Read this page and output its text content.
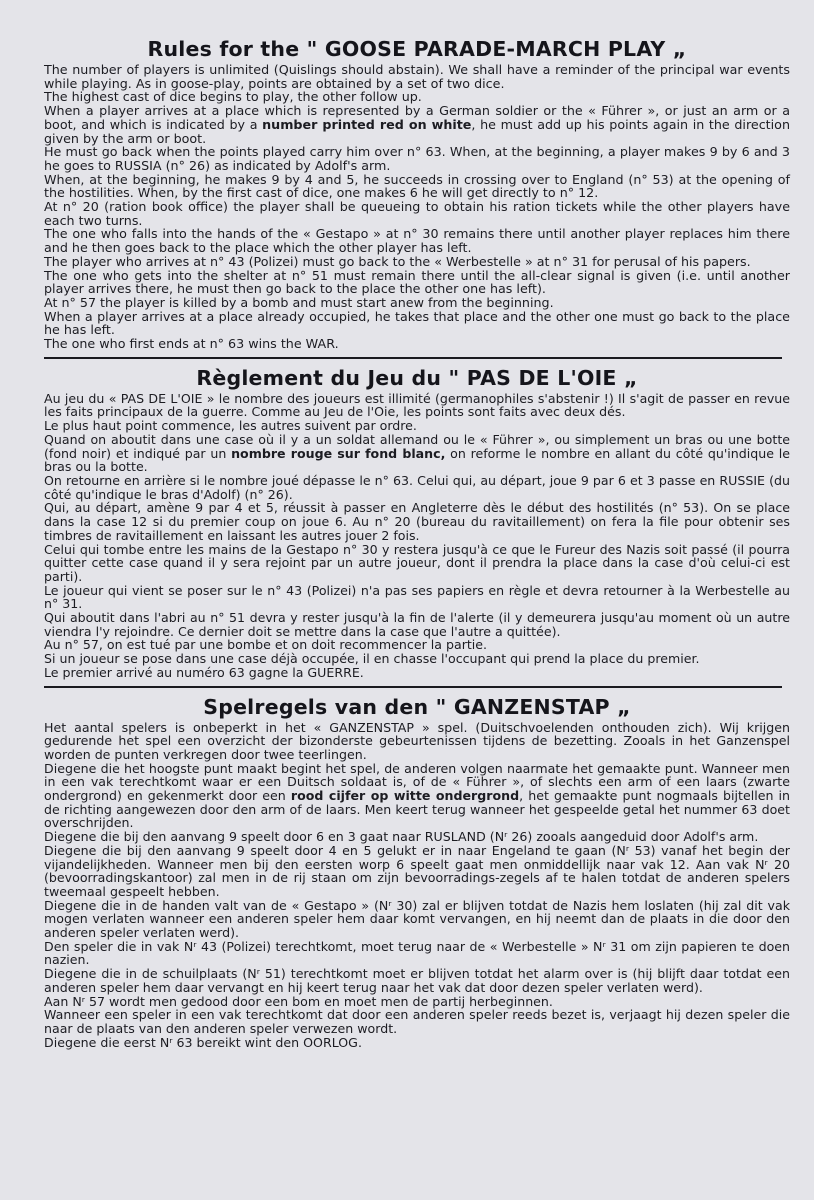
Rules for the " GOOSE PARADE-MARCH PLAY „

The number of players is unlimited (Quislings should abstain). We shall have a reminder of the principal war events while playing. As in goose-play, points are obtained by a set of two dice.

The highest cast of dice begins to play, the other follow up.

When a player arrives at a place which is represented by a German soldier or the « Führer », or just an arm or a boot, and which is indicated by a number printed red on white, he must add up his points again in the direction given by the arm or boot.

He must go back when the points played carry him over n° 63. When, at the beginning, a player makes 9 by 6 and 3 he goes to RUSSIA (n° 26) as indicated by Adolf's arm.

When, at the beginning, he makes 9 by 4 and 5, he succeeds in crossing over to England (n° 53) at the opening of the hostilities. When, by the first cast of dice, one makes 6 he will get directly to n° 12.

At n° 20 (ration book office) the player shall be queueing to obtain his ration tickets while the other players have each two turns.

The one who falls into the hands of the « Gestapo » at n° 30 remains there until another player replaces him there and he then goes back to the place which the other player has left.

The player who arrives at n° 43 (Polizei) must go back to the « Werbestelle » at n° 31 for perusal of his papers.

The one who gets into the shelter at n° 51 must remain there until the all-clear signal is given (i.e. until another player arrives there, he must then go back to the place the other one has left).

At n° 57 the player is killed by a bomb and must start anew from the beginning.

When a player arrives at a place already occupied, he takes that place and the other one must go back to the place he has left.

The one who first ends at n° 63 wins the WAR.

Règlement du Jeu du " PAS DE L'OIE „

Au jeu du « PAS DE L'OIE » le nombre des joueurs est illimité (germanophiles s'abstenir !) Il s'agit de passer en revue les faits principaux de la guerre. Comme au Jeu de l'Oie, les points sont faits avec deux dés.

Le plus haut point commence, les autres suivent par ordre.

Quand on aboutit dans une case où il y a un soldat allemand ou le « Führer », ou simplement un bras ou une botte (fond noir) et indiqué par un nombre rouge sur fond blanc, on reforme le nombre en allant du côté qu'indique le bras ou la botte.

On retourne en arrière si le nombre joué dépasse le n° 63. Celui qui, au départ, joue 9 par 6 et 3 passe en RUSSIE (du côté qu'indique le bras d'Adolf) (n° 26).

Qui, au départ, amène 9 par 4 et 5, réussit à passer en Angleterre dès le début des hostilités (n° 53). On se place dans la case 12 si du premier coup on joue 6. Au n° 20 (bureau du ravitaillement) on fera la file pour obtenir ses timbres de ravitaillement en laissant les autres jouer 2 fois.

Celui qui tombe entre les mains de la Gestapo n° 30 y restera jusqu'à ce que le Fureur des Nazis soit passé (il pourra quitter cette case quand il y sera rejoint par un autre joueur, dont il prendra la place dans la case d'où celui-ci est parti).

Le joueur qui vient se poser sur le n° 43 (Polizei) n'a pas ses papiers en règle et devra retourner à la Werbestelle au n° 31.

Qui aboutit dans l'abri au n° 51 devra y rester jusqu'à la fin de l'alerte (il y demeurera jusqu'au moment où un autre viendra l'y rejoindre. Ce dernier doit se mettre dans la case que l'autre a quittée).

Au n° 57, on est tué par une bombe et on doit recommencer la partie.

Si un joueur se pose dans une case déjà occupée, il en chasse l'occupant qui prend la place du premier.

Le premier arrivé au numéro 63 gagne la GUERRE.

Spelregels van den " GANZENSTAP „

Het aantal spelers is onbeperkt in het « GANZENSTAP » spel. (Duitschvoelenden onthouden zich). Wij krijgen gedurende het spel een overzicht der bizonderste gebeurtenissen tijdens de bezetting. Zooals in het Ganzenspel worden de punten verkregen door twee teerlingen.

Diegene die het hoogste punt maakt begint het spel, de anderen volgen naarmate het gemaakte punt. Wanneer men in een vak terechtkomt waar er een Duitsch soldaat is, of de « Führer », of slechts een arm of een laars (zwarte ondergrond) en gekenmerkt door een rood cijfer op witte ondergrond, het gemaakte punt nogmaals bijtellen in de richting aangewezen door den arm of de laars. Men keert terug wanneer het gespeelde getal het nummer 63 doet overschrijden.

Diegene die bij den aanvang 9 speelt door 6 en 3 gaat naar RUSLAND (Nʳ 26) zooals aangeduid door Adolf's arm.

Diegene die bij den aanvang 9 speelt door 4 en 5 gelukt er in naar Engeland te gaan (Nʳ 53) vanaf het begin der vijandelijkheden. Wanneer men bij den eersten worp 6 speelt gaat men onmiddellijk naar vak 12. Aan vak Nʳ 20 (bevoorradingskantoor) zal men in de rij staan om zijn bevoorradings-zegels af te halen totdat de anderen spelers tweemaal gespeelt hebben.

Diegene die in de handen valt van de « Gestapo » (Nʳ 30) zal er blijven totdat de Nazis hem loslaten (hij zal dit vak mogen verlaten wanneer een anderen speler hem daar komt vervangen, en hij neemt dan de plaats in die door den anderen speler verlaten werd).

Den speler die in vak Nʳ 43 (Polizei) terechtkomt, moet terug naar de « Werbestelle » Nʳ 31 om zijn papieren te doen nazien.

Diegene die in de schuilplaats (Nʳ 51) terechtkomt moet er blijven totdat het alarm over is (hij blijft daar totdat een anderen speler hem daar vervangt en hij keert terug naar het vak dat door dezen speler verlaten werd).

Aan Nʳ 57 wordt men gedood door een bom en moet men de partij herbeginnen.

Wanneer een speler in een vak terechtkomt dat door een anderen speler reeds bezet is, verjaagt hij dezen speler die naar de plaats van den anderen speler verwezen wordt.

Diegene die eerst Nʳ 63 bereikt wint den OORLOG.
